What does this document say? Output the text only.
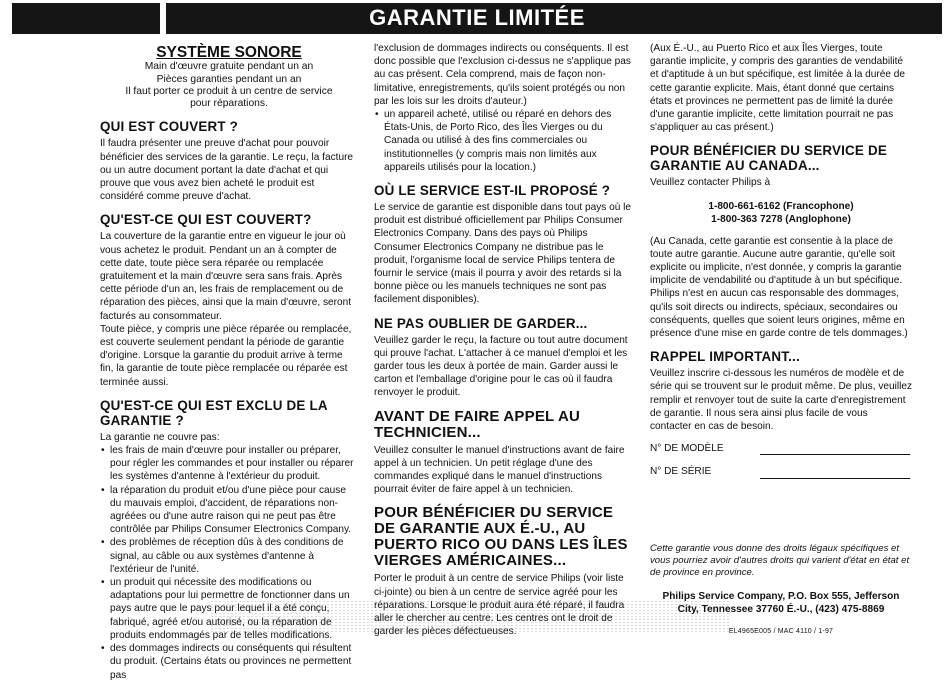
GARANTIE LIMITÉE
SYSTÈME SONORE
Main d'œuvre gratuite pendant un an
Pièces garanties pendant un an
Il faut porter ce produit à un centre de service
pour réparations.
QUI EST COUVERT ?

Il faudra présenter une preuve d'achat pour pouvoir bénéficier des services de la garantie. Le reçu, la facture ou un autre document portant la date d'achat et qui prouve que vous avez bien acheté le produit est considéré comme preuve d'achat.

QU'EST-CE QUI EST COUVERT?

La couverture de la garantie entre en vigueur le jour où vous achetez le produit. Pendant un an à compter de cette date, toute pièce sera réparée ou remplacée gratuitement et la main d'œuvre sera sans frais. Après cette période d'un an, les frais de remplacement ou de réparation des pièces, ainsi que la main d'œuvre, seront facturés au consommateur.

Toute pièce, y compris une pièce réparée ou remplacée, est couverte seulement pendant la période de garantie d'origine. Lorsque la garantie du produit arrive à terme fin, la garantie de toute pièce remplacée ou réparée est terminée aussi.

QU'EST-CE QUI EST EXCLU DE LA GARANTIE ?

La garantie ne couvre pas:

• les frais de main d'œuvre pour installer ou préparer, pour régler les commandes et pour installer ou réparer les systèmes d'antenne à l'extérieur du produit.
• la réparation du produit et/ou d'une pièce pour cause du mauvais emploi, d'accident, de réparations non-agréées ou d'une autre raison qui ne peut pas être contrôlée par Philips Consumer Electronics Company.
• des problèmes de réception dûs à des conditions de signal, au câble ou aux systèmes d'antenne à l'extérieur de l'unité.
• un produit qui nécessite des modifications ou adaptations pour lui permettre de fonctionner dans un pays autre que le pays pour lequel il a été conçu, fabriqué, agréé et/ou autorisé, ou la réparation de produits endommagés par de telles modifications.
• des dommages indirects ou conséquents qui résultent du produit. (Certains états ou provinces ne permettent pas

l'exclusion de dommages indirects ou conséquents. Il est donc possible que l'exclusion ci-dessus ne s'applique pas au cas présent. Cela comprend, mais de façon non-limitative, enregistrements, qu'ils soient protégés ou non par les lois sur les droits d'auteur.)

• un appareil acheté, utilisé ou réparé en dehors des États-Unis, de Porto Rico, des Îles Vierges ou du Canada ou utilisé à des fins commerciales ou institutionnelles (y compris mais non limités aux appareils utilisés pour la location.)
OÙ LE SERVICE EST-IL PROPOSÉ ?

Le service de garantie est disponible dans tout pays où le produit est distribué officiellement par Philips Consumer Electronics Company. Dans des pays où Philips Consumer Electronics Company ne distribue pas le produit, l'organisme local de service Philips tentera de fournir le service (mais il pourra y avoir des retards si la bonne pièce ou les manuels techniques ne sont pas facilement disponibles).

NE PAS OUBLIER DE GARDER...

Veuillez garder le reçu, la facture ou tout autre document qui prouve l'achat. L'attacher à ce manuel d'emploi et les garder tous les deux à portée de main. Garder aussi le carton et l'emballage d'origine pour le cas où il faudra renvoyer le produit.

AVANT DE FAIRE APPEL AU TECHNICIEN...

Veuillez consulter le manuel d'instructions avant de faire appel à un technicien. Un petit réglage d'une des commandes expliqué dans le manuel d'instructions pourrait éviter de faire appel à un technicien.

POUR BÉNÉFICIER DU SERVICE DE GARANTIE AUX É.-U., AU PUERTO RICO OU DANS LES ÎLES VIERGES AMÉRICAINES...

Porter le produit à un centre de service Philips (voir liste ci-jointe) ou bien à un centre de service agréé pour les réparations. Lorsque le produit aura été réparé, il faudra aller le chercher au centre. Les centres ont le droit de garder les pièces défectueuses.

(Aux É.-U., au Puerto Rico et aux Îles Vierges, toute garantie implicite, y compris des garanties de vendabilité et d'aptitude à un but spécifique, est limitée à la durée de cette garantie explicite. Mais, étant donné que certains états et provinces ne permettent pas de limité la durée d'une garantie implicite, cette limitation pourrait ne pas s'appliquer au cas présent.)

POUR BÉNÉFICIER DU SERVICE DE GARANTIE AU CANADA...

Veuillez contacter Philips à

1-800-661-6162 (Francophone)
1-800-363 7278 (Anglophone)

(Au Canada, cette garantie est consentie à la place de toute autre garantie. Aucune autre garantie, qu'elle soit explicite ou implicite, n'est donnée, y compris la garantie implicite de vendabilité ou d'aptitude à un but spécifique. Philips n'est en aucun cas responsable des dommages, qu'ils soit directs ou indirects, spéciaux, secondaires ou conséquents, quelles que soient leurs origines, même en présence d'une mise en garde contre de tels dommages.)

RAPPEL IMPORTANT...

Veuillez inscrire ci-dessous les numéros de modèle et de série qui se trouvent sur le produit même. De plus, veuillez remplir et renvoyer tout de suite la carte d'enregistrement de garantie. Il nous sera ainsi plus facile de vous contacter en cas de besoin.

N° DE MODÈLE
N° DE SÉRIE

Cette garantie vous donne des droits légaux spécifiques et vous pourriez avoir d'autres droits qui varient d'état en état et de province en province.

Philips Service Company, P.O. Box 555, Jefferson
City, Tennessee 37760 É.-U., (423) 475-8869
EL4965E005 / MAC 4110 / 1-97
